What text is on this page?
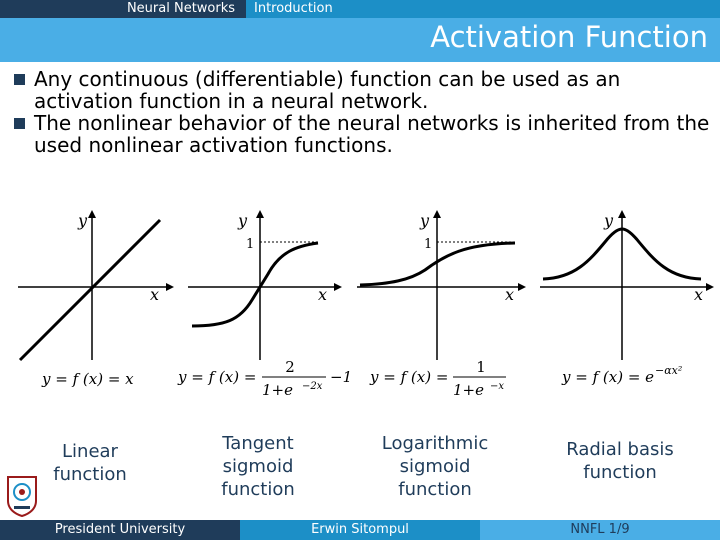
Neural Networks	Introduction
Activation Function
Any continuous (differentiable) function can be used as an activation function in a neural network.
The nonlinear behavior of the neural networks is inherited from the used nonlinear activation functions.
y
x
y
1
x
y
1
x
y
x
y = f (x) = x	y = f (x) =
2
1+e −2x
−1 y = f (x) =
1
1+e −x
y = f (x) = e −αx²
Linear function
Tangent sigmoid function
Logarithmic sigmoid function
Radial basis function
President University	Erwin Sitompul	NNFL 1/9
